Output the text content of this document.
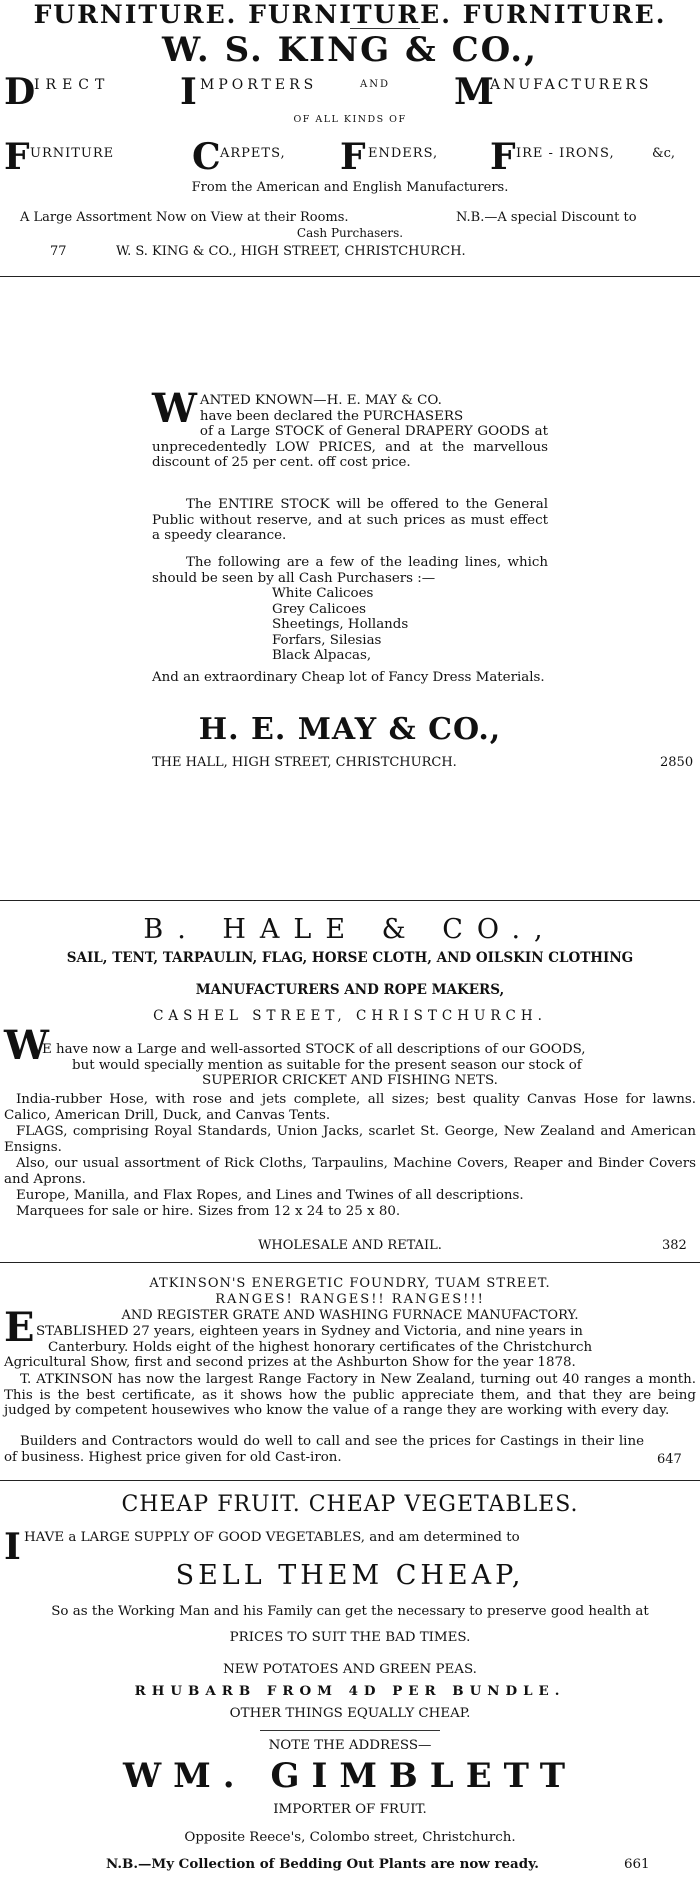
FURNITURE. FURNITURE. FURNITURE.
W. S. KING & CO.,
D
IRECT I MPORTERS	AND M
ANUFACTURERS
OF ALL KINDS OF
F URNITURE C ARPETS, F ENDERS, F IRE - IRONS,	&c,
From the American and English Manufacturers.
A Large Assortment Now on View at their Rooms.	N.B.—A special Discount to
Cash Purchasers.
77	W. S. KING & CO., HIGH STREET, CHRISTCHURCH.
W ANTED KNOWN—H. E. MAY & CO.
have been declared the PURCHASERS
of a Large STOCK of General DRAPERY GOODS at unprecedentedly LOW PRICES, and at the marvellous discount of 25 per cent. off cost price.
The ENTIRE STOCK will be offered to the General Public without reserve, and at such prices as must effect a speedy clearance.
The following are a few of the leading lines, which should be seen by all Cash Purchasers :—
White Calicoes
Grey Calicoes
Sheetings, Hollands
Forfars, Silesias
Black Alpacas,
And an extraordinary Cheap lot of Fancy Dress Materials.
H. E. MAY & CO.,
THE HALL, HIGH STREET, CHRISTCHURCH.	2850
B. HALE & CO.,
SAIL, TENT, TARPAULIN, FLAG, HORSE CLOTH, AND OILSKIN CLOTHING
MANUFACTURERS AND ROPE MAKERS,
CASHEL STREET, CHRISTCHURCH.
W
E have now a Large and well-assorted STOCK of all descriptions of our GOODS,
but would specially mention as suitable for the present season our stock of
SUPERIOR CRICKET AND FISHING NETS.
India-rubber Hose, with rose and jets complete, all sizes; best quality Canvas Hose for lawns. Calico, American Drill, Duck, and Canvas Tents.
FLAGS, comprising Royal Standards, Union Jacks, scarlet St. George, New Zealand and American Ensigns.
Also, our usual assortment of Rick Cloths, Tarpaulins, Machine Covers, Reaper and Binder Covers and Aprons.
Europe, Manilla, and Flax Ropes, and Lines and Twines of all descriptions.
Marquees for sale or hire. Sizes from 12 x 24 to 25 x 80.
WHOLESALE AND RETAIL.	382
ATKINSON'S ENERGETIC FOUNDRY, TUAM STREET.
RANGES! RANGES!! RANGES!!!
AND REGISTER GRATE AND WASHING FURNACE MANUFACTORY.
E STABLISHED 27 years, eighteen years in Sydney and Victoria, and nine years in
Canterbury. Holds eight of the highest honorary certificates of the Christchurch
Agricultural Show, first and second prizes at the Ashburton Show for the year 1878.
T. ATKINSON has now the largest Range Factory in New Zealand, turning out 40 ranges a month. This is the best certificate, as it shows how the public appreciate them, and that they are being judged by competent housewives who know the value of a range they are working with every day.
Builders and Contractors would do well to call and see the prices for Castings in their line of business. Highest price given for old Cast-iron.	647
CHEAP FRUIT. CHEAP VEGETABLES.
I HAVE a LARGE SUPPLY OF GOOD VEGETABLES, and am determined to
SELL THEM CHEAP,
So as the Working Man and his Family can get the necessary to preserve good health at
PRICES TO SUIT THE BAD TIMES.
NEW POTATOES AND GREEN PEAS.
RHUBARB FROM 4D PER BUNDLE.
OTHER THINGS EQUALLY CHEAP.
NOTE THE ADDRESS—
WM. GIMBLETT
IMPORTER OF FRUIT.
Opposite Reece's, Colombo street, Christchurch.
N.B.—My Collection of Bedding Out Plants are now ready.	661
